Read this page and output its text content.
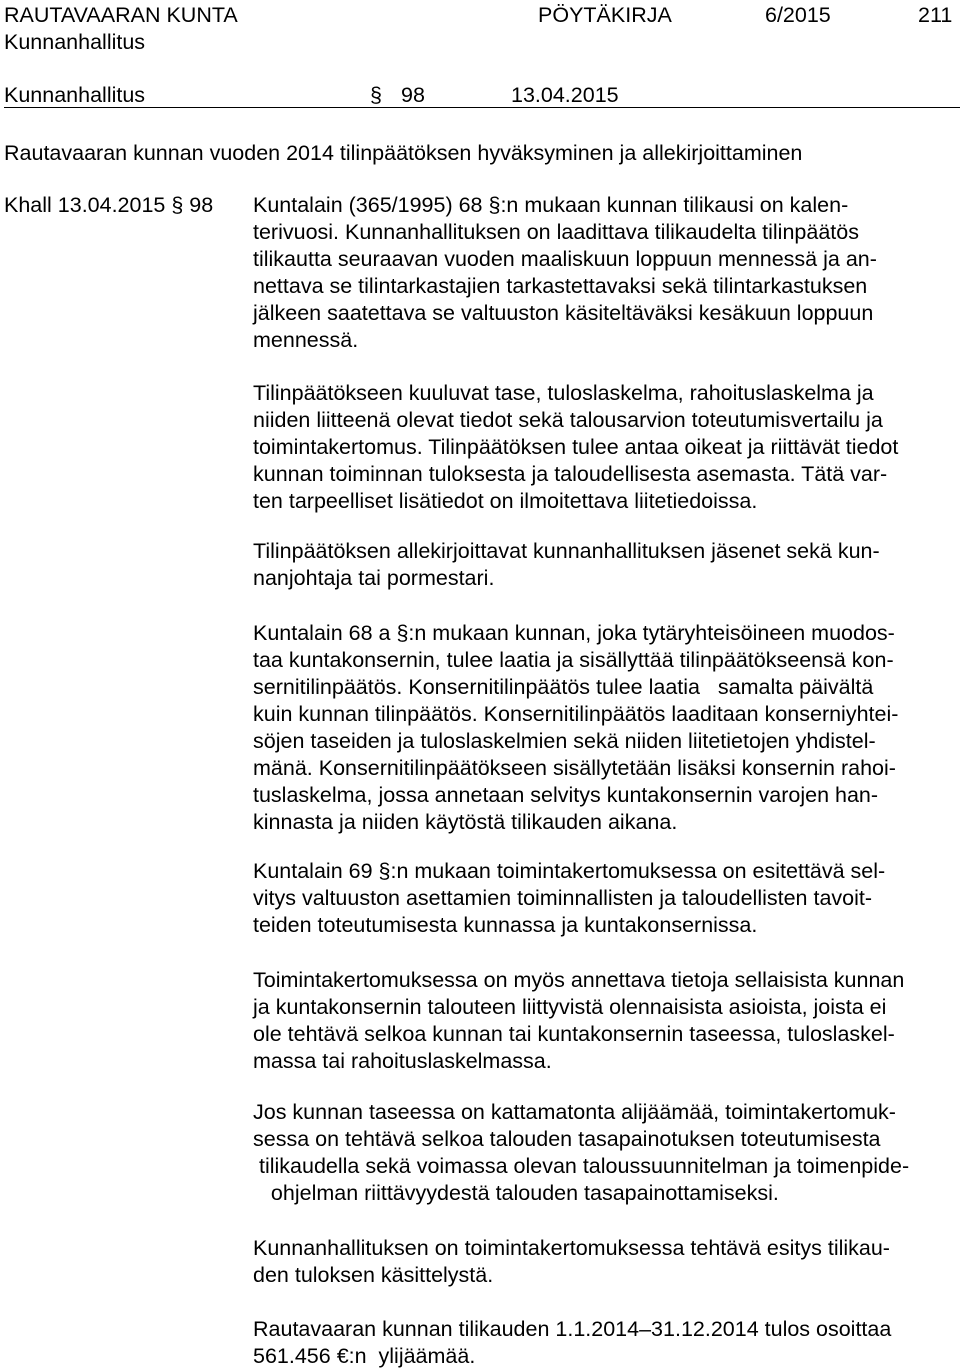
RAUTAVAARAN KUNTA
Kunnanhallitus
PÖYTÄKIRJA	6/2015	211
Kunnanhallitus	§ 98	13.04.2015
Rautavaaran kunnan vuoden 2014 tilinpäätöksen hyväksyminen ja allekirjoittaminen
Khall 13.04.2015 § 98 Kuntalain (365/1995) 68 §:n mukaan kunnan tilikausi on kalen-
terivuosi. Kunnanhallituksen on laadittava tilikaudelta tilinpäätös
tilikautta seuraavan vuoden maaliskuun loppuun mennessä ja an-
nettava se tilintarkastajien tarkastettavaksi sekä tilintarkastuksen
jälkeen saatettava se valtuuston käsiteltäväksi kesäkuun loppuun
mennessä.
Tilinpäätökseen kuuluvat tase, tuloslaskelma, rahoituslaskelma ja
niiden liitteenä olevat tiedot sekä talousarvion toteutumisvertailu ja
toimintakertomus. Tilinpäätöksen tulee antaa oikeat ja riittävät tiedot
kunnan toiminnan tuloksesta ja taloudellisesta asemasta. Tätä var-
ten tarpeelliset lisätiedot on ilmoitettava liitetiedoissa.
Tilinpäätöksen allekirjoittavat kunnanhallituksen jäsenet sekä kun-
nanjohtaja tai pormestari.
Kuntalain 68 a §:n mukaan kunnan, joka tytäryhteisöineen muodos-
taa kuntakonsernin, tulee laatia ja sisällyttää tilinpäätökseensä kon-
sernitilinpäätös. Konsernitilinpäätös tulee laatia   samalta päivältä
kuin kunnan tilinpäätös. Konsernitilinpäätös laaditaan konserniyhtei-
söjen taseiden ja tuloslaskelmien sekä niiden liitetietojen yhdistel-
mänä. Konsernitilinpäätökseen sisällytetään lisäksi konsernin rahoi-
tuslaskelma, jossa annetaan selvitys kuntakonsernin varojen han-
kinnasta ja niiden käytöstä tilikauden aikana.
Kuntalain 69 §:n mukaan toimintakertomuksessa on esitettävä sel-
vitys valtuuston asettamien toiminnallisten ja taloudellisten tavoit-
teiden toteutumisesta kunnassa ja kuntakonsernissa.
Toimintakertomuksessa on myös annettava tietoja sellaisista kunnan
ja kuntakonsernin talouteen liittyvistä olennaisista asioista, joista ei
ole tehtävä selkoa kunnan tai kuntakonsernin taseessa, tuloslaskel-
massa tai rahoituslaskelmassa.
Jos kunnan taseessa on kattamatonta alijäämää, toimintakertomuk-
sessa on tehtävä selkoa talouden tasapainotuksen toteutumisesta
tilikaudella sekä voimassa olevan taloussuunnitelman ja toimenpide-
ohjelman riittävyydestä talouden tasapainottamiseksi.
Kunnanhallituksen on toimintakertomuksessa tehtävä esitys tilikau-
den tuloksen käsittelystä.
Rautavaaran kunnan tilikauden 1.1.2014–31.12.2014 tulos osoittaa
561.456 €:n  ylijäämää.
